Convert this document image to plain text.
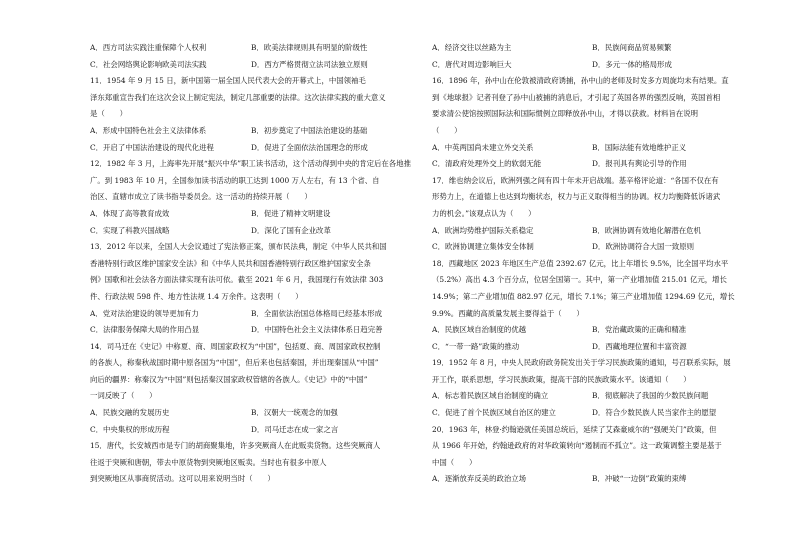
A．西方司法实践注重保障个人权利	B．欧美法律规则具有明显的阶级性
C．社会网络舆论影响欧美司法实践	D．西方严格贯彻立法司法独立原则
11．1954 年 9 月 15 日，新中国第一届全国人民代表大会的开幕式上，中国领袖毛
泽东郑重宣告我们在这次会议上制定宪法，制定几部重要的法律。这次法律实践的重大意义
是（　　）
A．形成中国特色社会主义法律体系	B．初步奠定了中国法治建设的基础
C．开启了中国法治建设的现代化进程	D．促进了全面依法治国理念的形成
12．1982 年 3 月，上海率先开展“振兴中华”职工读书活动，这个活动得到中央的肯定后在各地推
广。到 1983 年 10 月，全国参加读书活动的职工达到 1000 万人左右，有 13 个省、自
治区、直辖市成立了读书指导委员会。这一活动的持续开展（　　）
A．体现了高等教育成效	B．促进了精神文明建设
C．实现了科教兴国战略	D．深化了国有企业改革
13．2012 年以来，全国人大会议通过了宪法修正案，颁布民法典，制定《中华人民共和国
香港特别行政区维护国家安全法》和《中华人民共和国香港特别行政区维护国家安全条
例》国歌和社会法各方面法律实现有法可依。截至 2021 年 6 月，我国现行有效法律 303
件、行政法规 598 件、地方性法规 1.4 万余件。这表明（　　）
A．党对法治建设的领导更加有力	B．全面依法治国总体格局已经基本形成
C．法律服务保障大局的作用凸显	D．中国特色社会主义法律体系日趋完善
14．司马迁在《史记》中称夏、商、周国家政权为“中国”，包括夏、商、周国家政权控制
的各族人，称秦秋战国时期中原各国为“中国”，但后来也包括秦国，并出现秦国从“中国”
向后的疆界：称秦汉为“中国”则包括秦汉国家政权管辖的各族人。《史记》中的“中国”
一词反映了（　　）
A．民族交融的发展历史	B．汉朝大一统观念的加强
C．中央集权的形成历程	D．司马迁志在成一家之言
15．唐代，长安城西市是专门的胡商聚集地，许多突厥商人在此贩卖货物。这些突厥商人
往返于突厥和唐朝，带去中原货物到突厥地区贩卖。当时也有很多中原人
到突厥地区从事商贸活动。这可以用来说明当时（　　）
A．经济交往以丝路为主	B．民族间商品贸易频繁
C．唐代对周边影响巨大	D．多元一体的格局形成
16．1896 年，孙中山在伦敦被清政府诱捕，孙中山的老师及时发多方周旋均未有结果。直
到《地球报》记者刊登了孙中山被捕的消息后，才引起了英国各界的强烈反响，英国首相
要求清公使馆按照国际法和国际惯例立即释放孙中山，才得以获救。材料旨在说明
（　　）
A．中英两国尚未建立外交关系	B．国际法能有效地维护正义
C．清政府处理外交上的软弱无能	D．报刊具有舆论引导的作用
17．维也纳会议后，欧洲列强之间有四十年未开启战端。基辛格评论道：“各国不仅在有
形势力上，在道德上也达到均衡状态，权力与正义取得相当的协调。权力均衡降低诉诸武
力的机会。”该观点认为（　　）
A．欧洲均势维护国际关系稳定	B．欧洲协调有效地化解潜在危机
C．欧洲协调建立集体安全体制	D．欧洲协调符合大国一致原则
18．西藏地区 2023 年地区生产总值 2392.67 亿元，比上年增长 9.5%，比全国平均水平
（5.2%）高出 4.3 个百分点，位居全国第一。其中，第一产业增加值 215.01 亿元，增长
14.9%；第二产业增加值 882.97 亿元，增长 7.1%；第三产业增加值 1294.69 亿元，增长
9.9%。西藏的高质量发展主要得益于（　　）
A．民族区域自治制度的优越	B．党治藏政策的正确和精准
C．“一带一路”政策的推动	D．西藏地理位置和丰富资源
19．1952 年 8 月，中央人民政府政务院发出关于学习民族政策的通知，号召联系实际，展
开工作，联系思想，学习民族政策，提高干部的民族政策水平。该通知（　　）
A．标志着民族区域自治制度的确立	B．彻底解决了我国的少数民族问题
C．促进了首个民族区域自治区的建立	D．符合少数民族人民当家作主的愿望
20．1963 年，林登·约翰逊就任美国总统后，延续了艾森豪威尔的“强硬关门”政策，但
从 1966 年开始，约翰逊政府的对华政策转向“遏制而不孤立”。这一政策调整主要是基于
中国（　　）
A．逐渐放弃反美的政治立场	B．冲破“一边倒”政策的束缚
